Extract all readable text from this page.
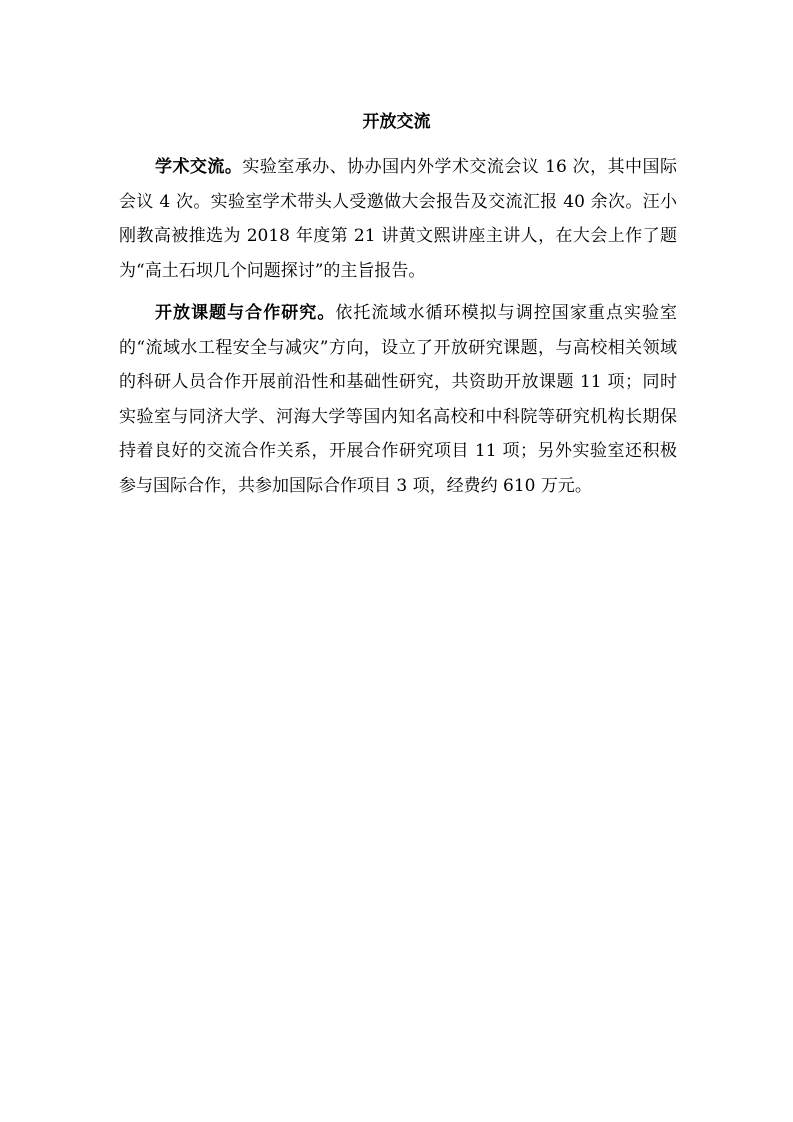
开放交流

学术交流。实验室承办、协办国内外学术交流会议 16 次，其中国际会议 4 次。实验室学术带头人受邀做大会报告及交流汇报 40 余次。汪小刚教高被推选为 2018 年度第 21 讲黄文熙讲座主讲人，在大会上作了题为“高土石坝几个问题探讨”的主旨报告。

开放课题与合作研究。依托流域水循环模拟与调控国家重点实验室的“流域水工程安全与减灾”方向，设立了开放研究课题，与高校相关领域的科研人员合作开展前沿性和基础性研究，共资助开放课题 11 项；同时实验室与同济大学、河海大学等国内知名高校和中科院等研究机构长期保持着良好的交流合作关系，开展合作研究项目 11 项；另外实验室还积极参与国际合作，共参加国际合作项目 3 项，经费约 610 万元。
